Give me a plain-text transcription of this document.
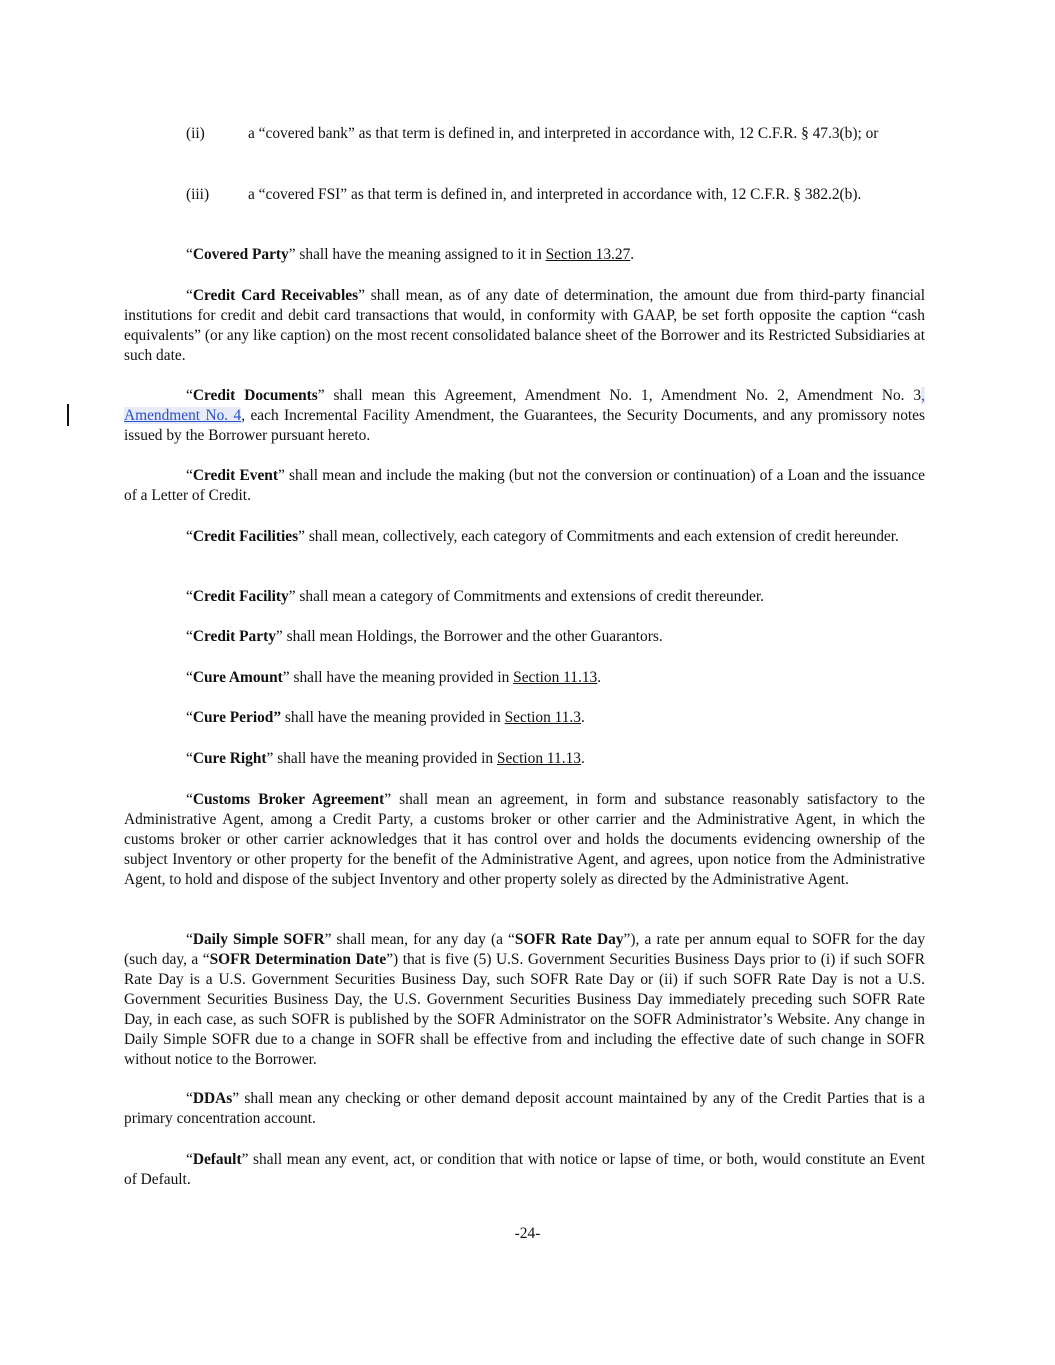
(ii)	a “covered bank” as that term is defined in, and interpreted in accordance with, 12 C.F.R. § 47.3(b); or
(iii)	a “covered FSI” as that term is defined in, and interpreted in accordance with, 12 C.F.R. § 382.2(b).
“Covered Party” shall have the meaning assigned to it in Section 13.27.
“Credit Card Receivables” shall mean, as of any date of determination, the amount due from third-party financial institutions for credit and debit card transactions that would, in conformity with GAAP, be set forth opposite the caption “cash equivalents” (or any like caption) on the most recent consolidated balance sheet of the Borrower and its Restricted Subsidiaries at such date.
“Credit Documents” shall mean this Agreement, Amendment No. 1, Amendment No. 2, Amendment No. 3, Amendment No. 4, each Incremental Facility Amendment, the Guarantees, the Security Documents, and any promissory notes issued by the Borrower pursuant hereto.
“Credit Event” shall mean and include the making (but not the conversion or continuation) of a Loan and the issuance of a Letter of Credit.
“Credit Facilities” shall mean, collectively, each category of Commitments and each extension of credit hereunder.
“Credit Facility” shall mean a category of Commitments and extensions of credit thereunder.
“Credit Party” shall mean Holdings, the Borrower and the other Guarantors.
“Cure Amount” shall have the meaning provided in Section 11.13.
“Cure Period” shall have the meaning provided in Section 11.3.
“Cure Right” shall have the meaning provided in Section 11.13.
“Customs Broker Agreement” shall mean an agreement, in form and substance reasonably satisfactory to the Administrative Agent, among a Credit Party, a customs broker or other carrier and the Administrative Agent, in which the customs broker or other carrier acknowledges that it has control over and holds the documents evidencing ownership of the subject Inventory or other property for the benefit of the Administrative Agent, and agrees, upon notice from the Administrative Agent, to hold and dispose of the subject Inventory and other property solely as directed by the Administrative Agent.
“Daily Simple SOFR” shall mean, for any day (a “SOFR Rate Day”), a rate per annum equal to SOFR for the day (such day, a “SOFR Determination Date”) that is five (5) U.S. Government Securities Business Days prior to (i) if such SOFR Rate Day is a U.S. Government Securities Business Day, such SOFR Rate Day or (ii) if such SOFR Rate Day is not a U.S. Government Securities Business Day, the U.S. Government Securities Business Day immediately preceding such SOFR Rate Day, in each case, as such SOFR is published by the SOFR Administrator on the SOFR Administrator’s Website. Any change in Daily Simple SOFR due to a change in SOFR shall be effective from and including the effective date of such change in SOFR without notice to the Borrower.
“DDAs” shall mean any checking or other demand deposit account maintained by any of the Credit Parties that is a primary concentration account.
“Default” shall mean any event, act, or condition that with notice or lapse of time, or both, would constitute an Event of Default.
-24-
